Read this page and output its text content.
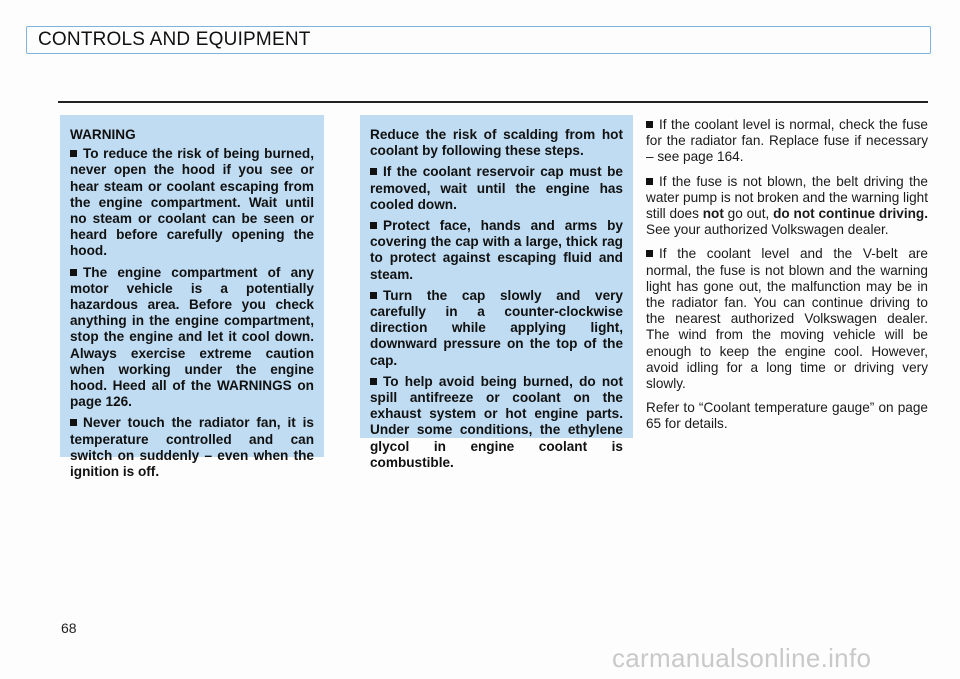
CONTROLS AND EQUIPMENT

WARNING

To reduce the risk of being burned, never open the hood if you see or hear steam or coolant escaping from the engine compartment. Wait until no steam or coolant can be seen or heard before carefully opening the hood.

The engine compartment of any motor vehicle is a potentially hazardous area. Before you check anything in the engine compartment, stop the engine and let it cool down. Always exercise extreme caution when working under the engine hood. Heed all of the WARNINGS on page 126.

Never touch the radiator fan, it is temperature controlled and can switch on suddenly – even when the ignition is off.

Reduce the risk of scalding from hot coolant by following these steps.

If the coolant reservoir cap must be removed, wait until the engine has cooled down.

Protect face, hands and arms by covering the cap with a large, thick rag to protect against escaping fluid and steam.

Turn the cap slowly and very carefully in a counter-clockwise direction while applying light, downward pressure on the top of the cap.

To help avoid being burned, do not spill antifreeze or coolant on the exhaust system or hot engine parts. Under some conditions, the ethylene glycol in engine coolant is combustible.

If the coolant level is normal, check the fuse for the radiator fan. Replace fuse if necessary – see page 164.

If the fuse is not blown, the belt driving the water pump is not broken and the warning light still does not go out, do not continue driving. See your authorized Volkswagen dealer.

If the coolant level and the V-belt are normal, the fuse is not blown and the warning light has gone out, the malfunction may be in the radiator fan. You can continue driving to the nearest authorized Volkswagen dealer. The wind from the moving vehicle will be enough to keep the engine cool. However, avoid idling for a long time or driving very slowly.

Refer to “Coolant temperature gauge” on page 65 for details.

68
carmanualsonline.info
